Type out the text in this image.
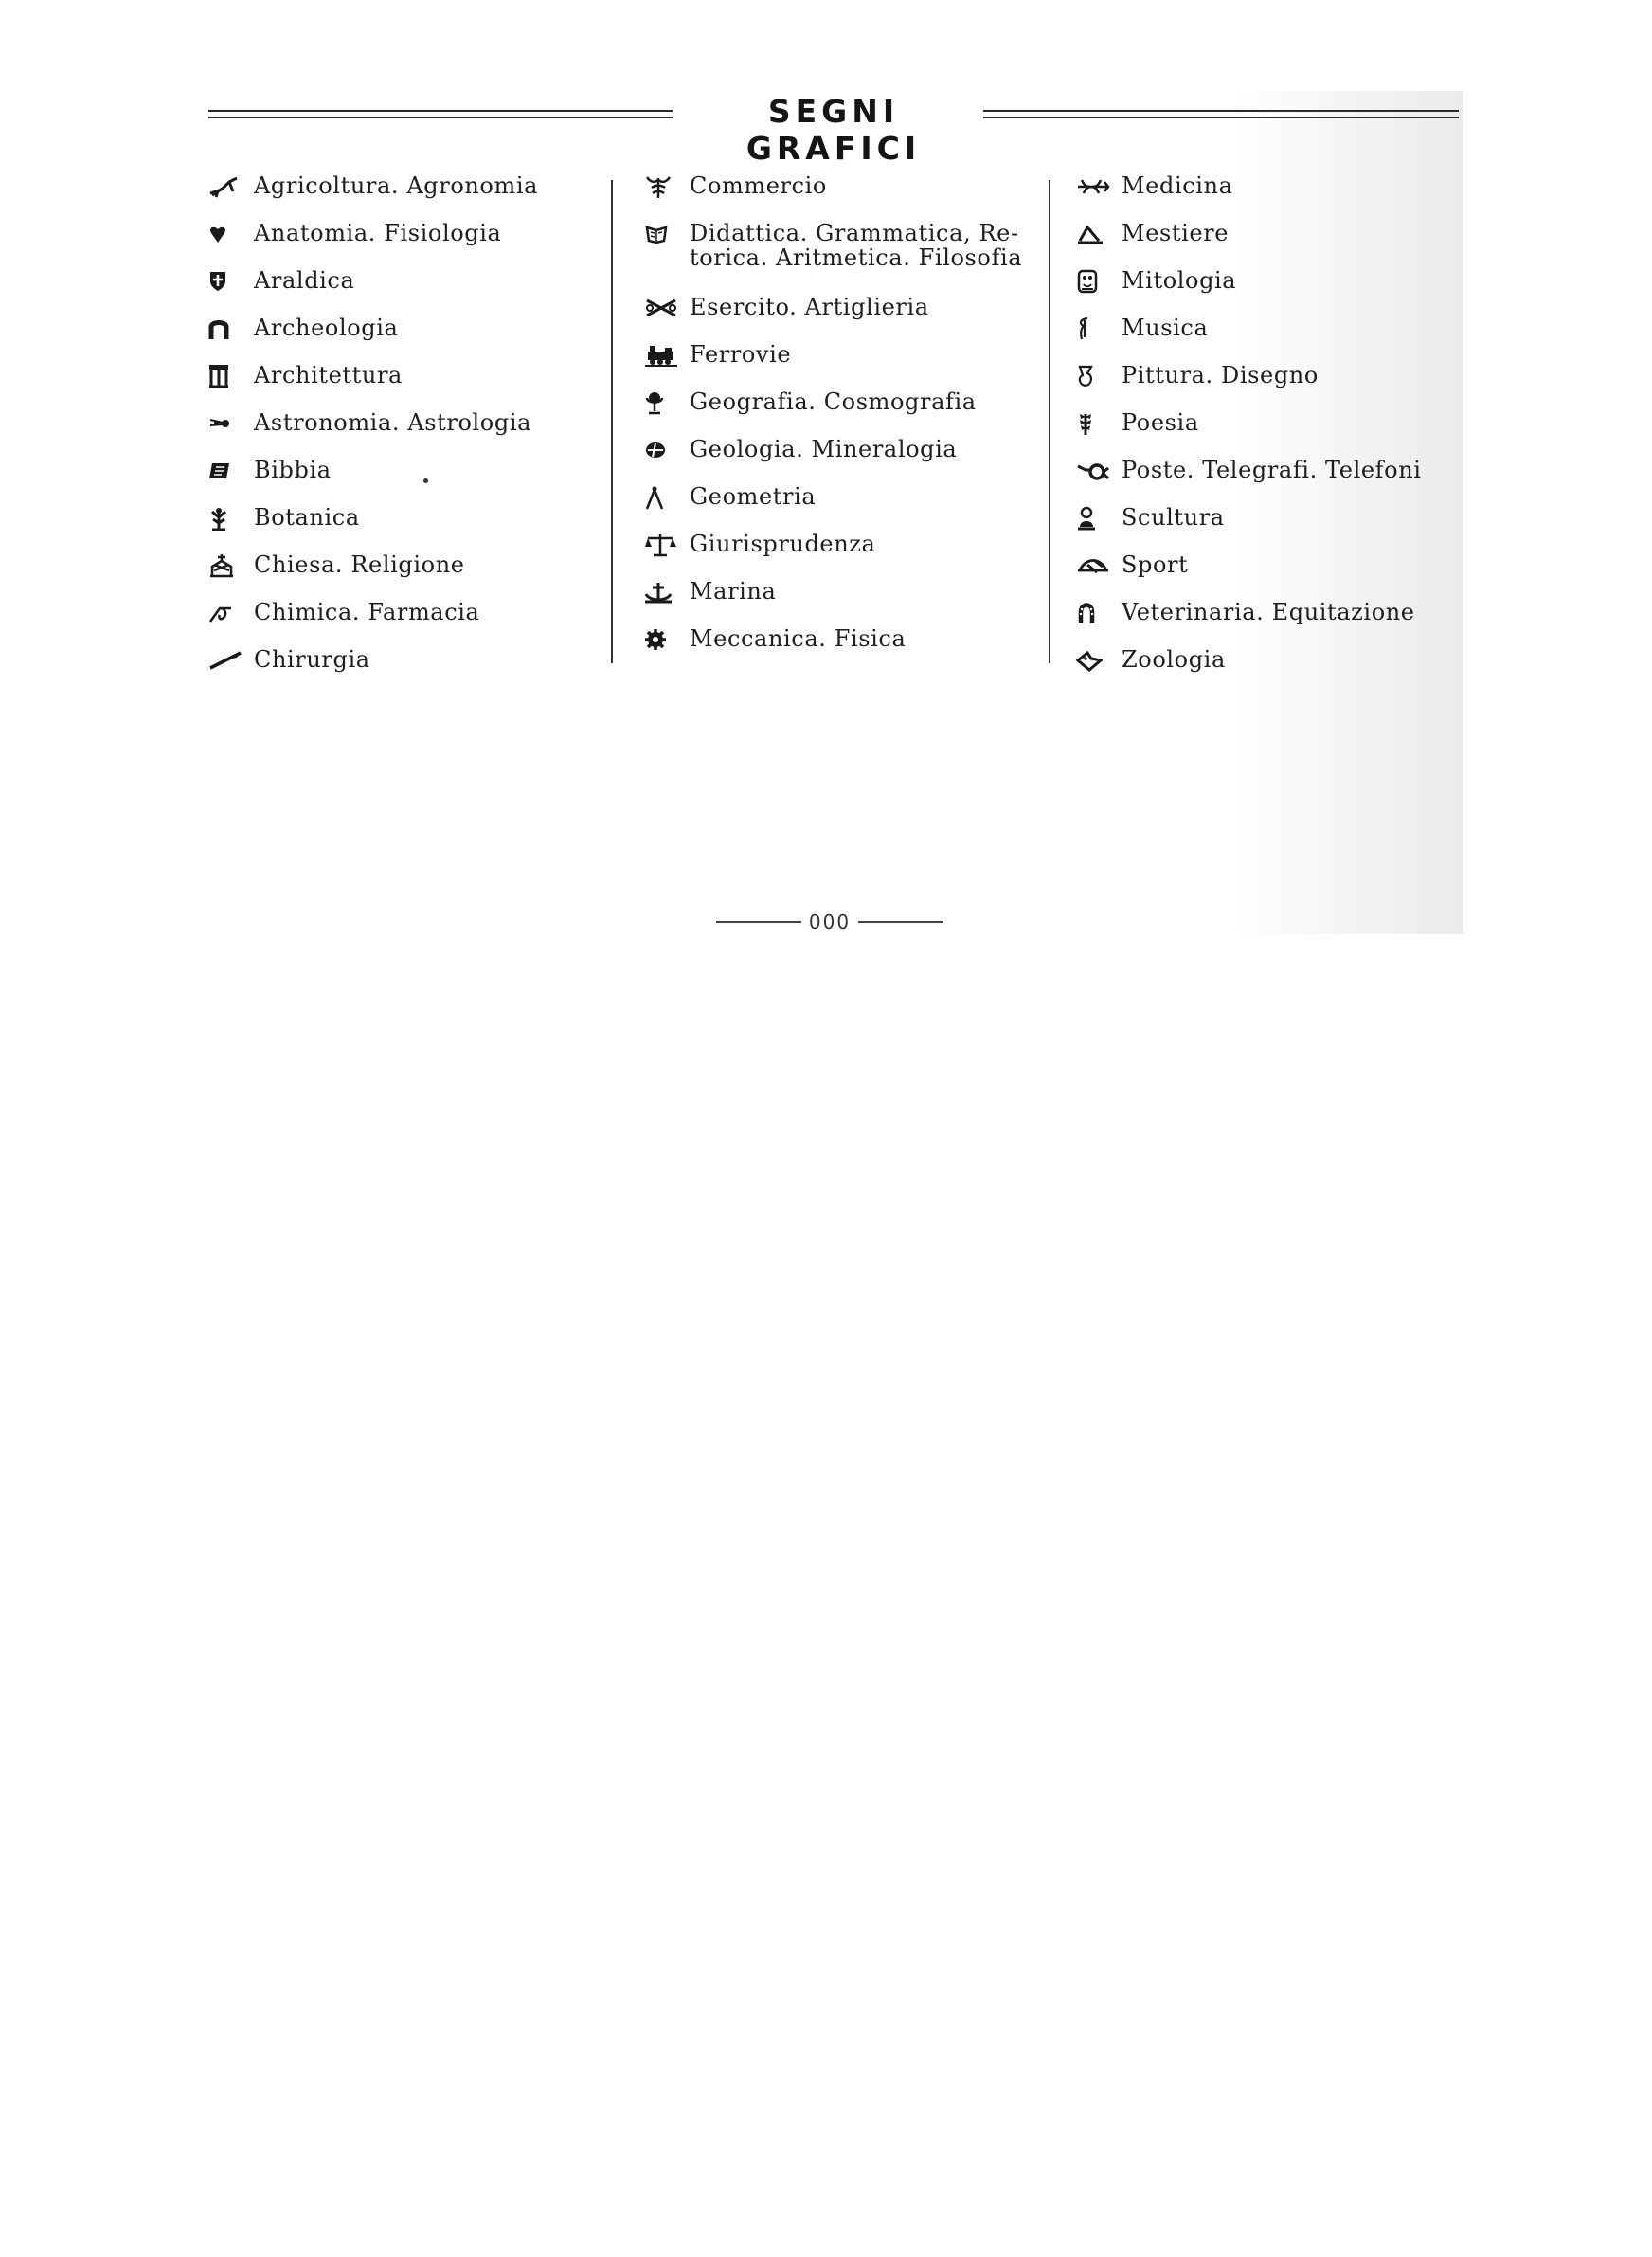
SEGNI GRAFICI
Agricoltura. Agronomia
Anatomia. Fisiologia
Araldica
Archeologia
Architettura
Astronomia. Astrologia
Bibbia
Botanica
Chiesa. Religione
Chimica. Farmacia
Chirurgia
Commercio
Didattica. Grammatica, Re-
torica. Aritmetica. Filosofia
Esercito. Artiglieria
Ferrovie
Geografia. Cosmografia
Geologia. Mineralogia
Geometria
Giurisprudenza
Marina
Meccanica. Fisica
Medicina
Mestiere
Mitologia
Musica
Pittura. Disegno
Poesia
Poste. Telegrafi. Telefoni
Scultura
Sport
Veterinaria. Equitazione
Zoologia
000
